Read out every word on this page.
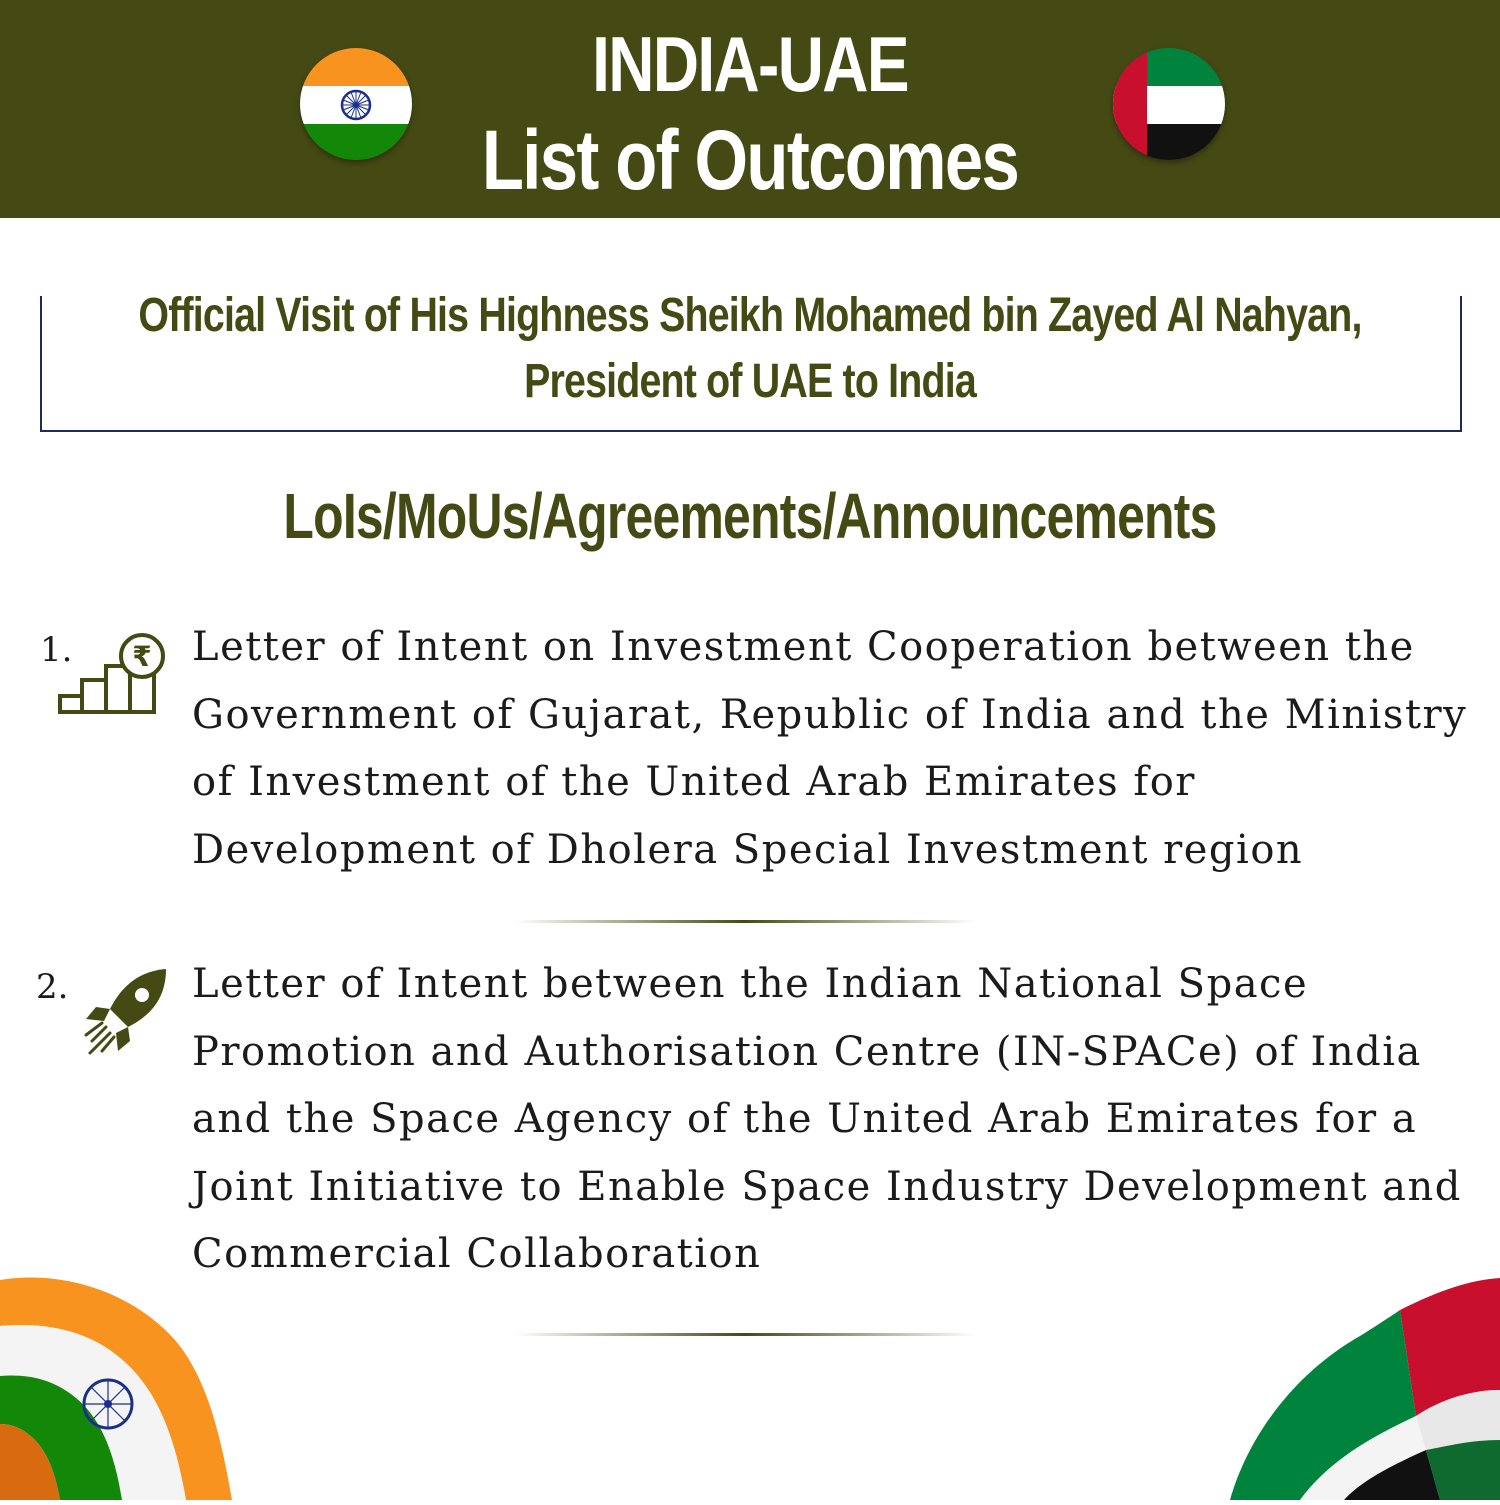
INDIA-UAE
List of Outcomes
Official Visit of His Highness Sheikh Mohamed bin Zayed Al Nahyan,
President of UAE to India
LoIs/MoUs/Agreements/Announcements
1. ₹ Letter of Intent on Investment Cooperation between the Government of Gujarat, Republic of India and the Ministry of Investment of the United Arab Emirates for Development of Dholera Special Investment region
2.	Letter of Intent between the Indian National Space Promotion and Authorisation Centre (IN-SPACe) of India and the Space Agency of the United Arab Emirates for a Joint Initiative to Enable Space Industry Development and Commercial Collaboration
